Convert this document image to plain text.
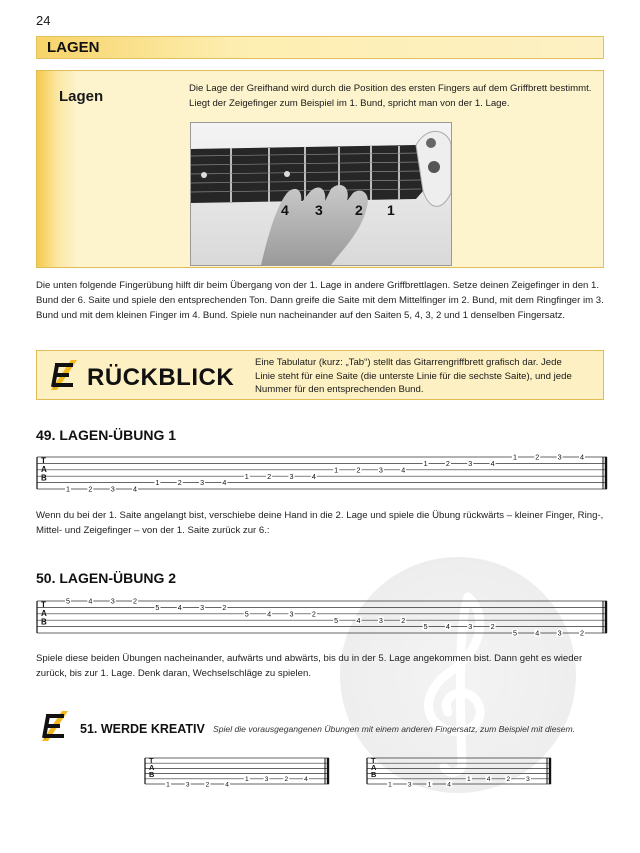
24
LAGEN
Lagen	Die Lage der Greifhand wird durch die Position des ersten Fingers auf dem Griffbrett bestimmt. Liegt der Zeigefinger zum Beispiel im 1. Bund, spricht man von der 1. Lage.
4 3 2 1
Die unten folgende Fingerübung hilft dir beim Übergang von der 1. Lage in andere Griffbrettlagen. Setze deinen Zeigefinger in den 1. Bund der 6. Saite und spiele den entsprechenden Ton. Dann greife die Saite mit dem Mittelfinger im 2. Bund, mit dem Ringfinger im 3. Bund und mit dem kleinen Finger im 4. Bund. Spiele nun nacheinander auf den Saiten 5, 4, 3, 2 und 1 denselben Fingersatz.
RÜCKBLICK
Eine Tabulatur (kurz: „Tab“) stellt das Gitarrengriffbrett grafisch dar. Jede Linie steht für eine Saite (die unterste Linie für die sechste Saite), und jede Nummer für den entsprechenden Bund.
49. LAGEN-ÜBUNG 1
T
A
B
1	2	3	4
1	2	3	4
1	2	3	4
1	2	3	4
1	2	3	4
1	2	3	4
Wenn du bei der 1. Saite angelangt bist, verschiebe deine Hand in die 2. Lage und spiele die Übung rückwärts – kleiner Finger, Ring-, Mittel- und Zeigefinger – von der 1. Saite zurück zur 6.:
50. LAGEN-ÜBUNG 2
T
A
B
5	4	3	2
5	4	3	2
5	4	3	2
5	4	3	2
5	4	3	2
5	4	3	2
Spiele diese beiden Übungen nacheinander, aufwärts und abwärts, bis du in der 5. Lage angekommen bist. Dann geht es wieder zurück, bis zur 1. Lage. Denk daran, Wechselschläge zu spielen.
51. WERDE KREATIV Spiel die vorausgegangenen Übungen mit einem anderen Fingersatz, zum Beispiel mit diesem.
T
A
B
1 3 2 4
1 3 2 4
T
A
B
1 3 1 4
1 4 2 3
